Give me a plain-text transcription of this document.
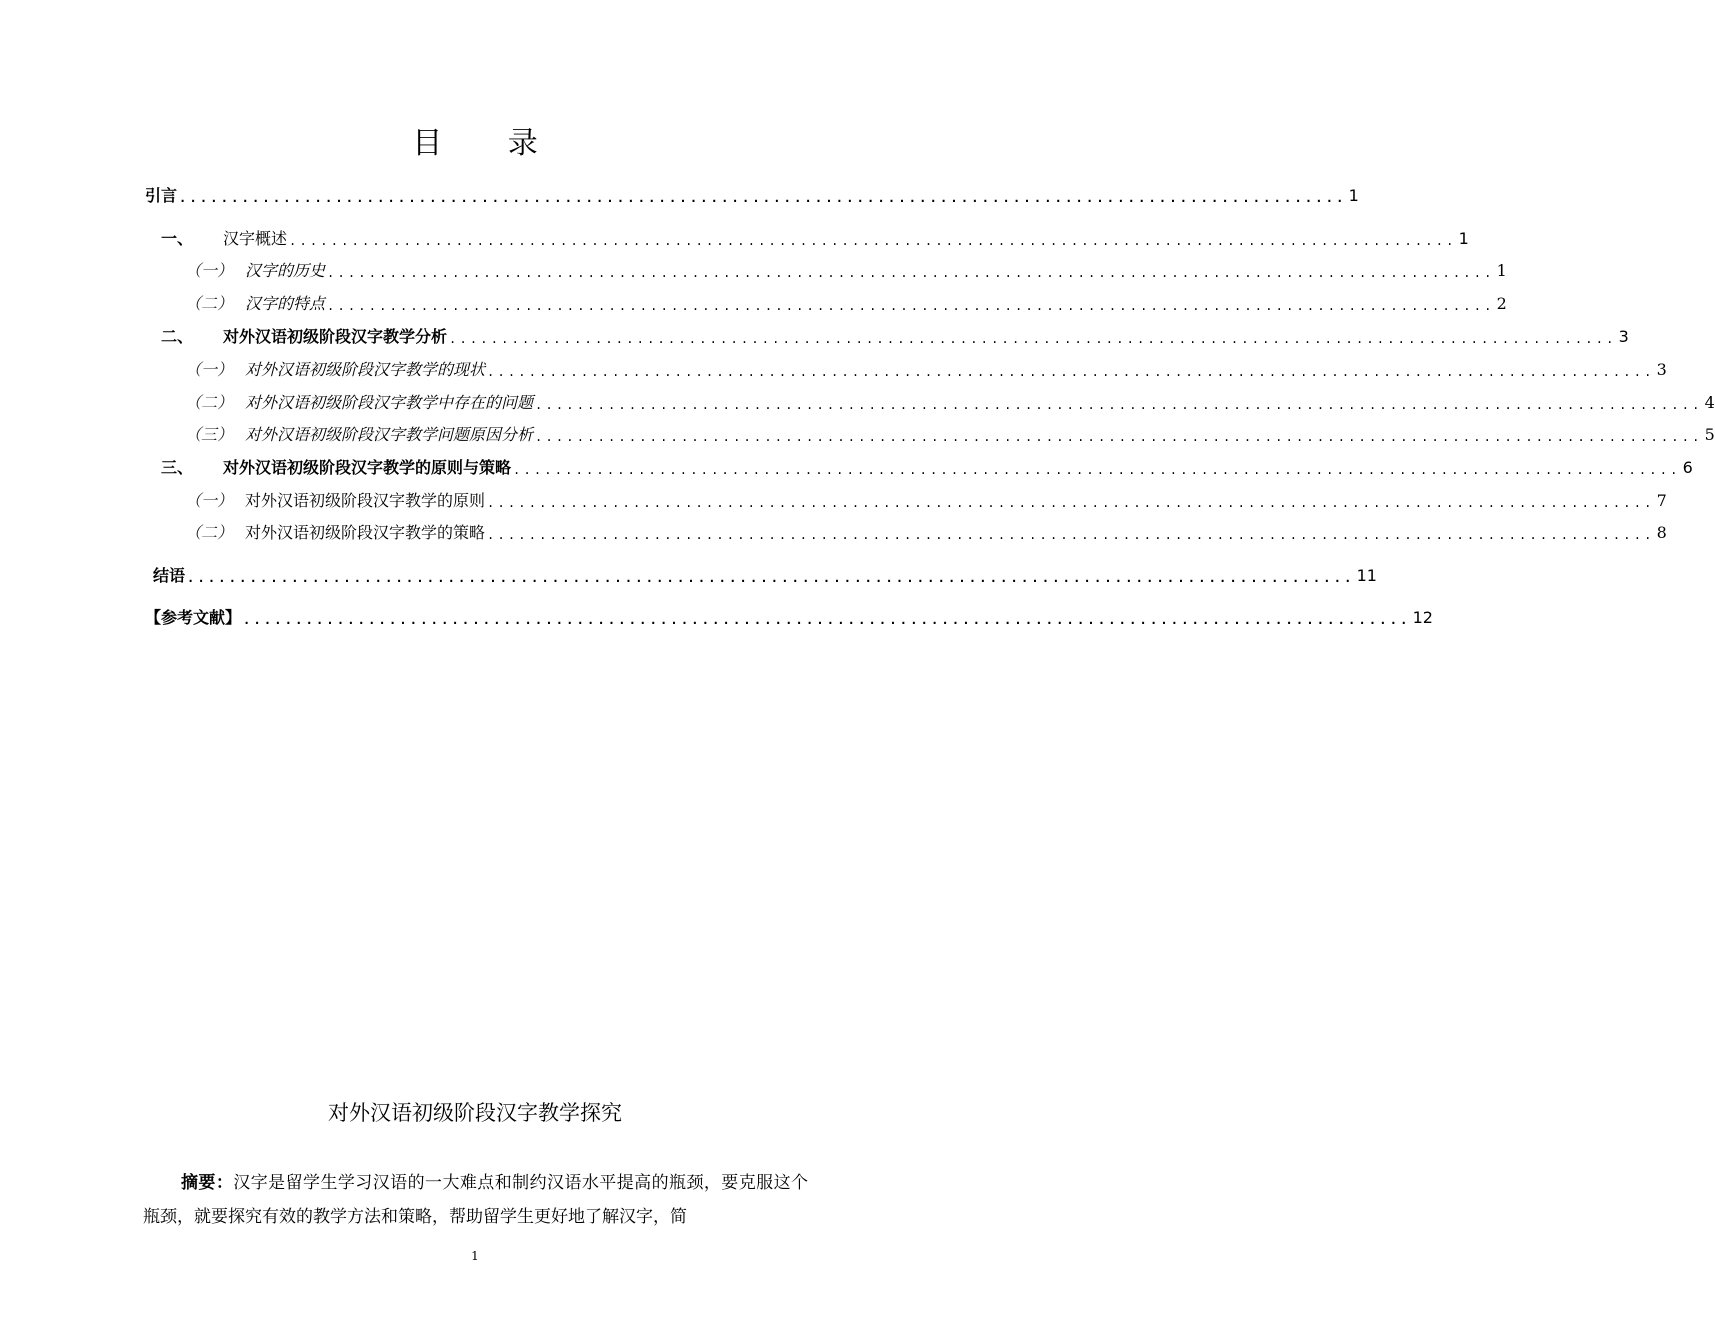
目 录
引言 ................................................................................................................ 1
一、	汉字概述 ................................................................................................................ 1
（一） 汉字的历史 ................................................................................................................ 1
（二） 汉字的特点 ................................................................................................................ 2
二、	对外汉语初级阶段汉字教学分析 ................................................................................................................ 3
（一） 对外汉语初级阶段汉字教学的现状 ................................................................................................................ 3
（二） 对外汉语初级阶段汉字教学中存在的问题 ................................................................................................................ 4
（三） 对外汉语初级阶段汉字教学问题原因分析 ................................................................................................................ 5
三、	对外汉语初级阶段汉字教学的原则与策略 ................................................................................................................ 6
（一） 对外汉语初级阶段汉字教学的原则 ................................................................................................................ 7
（二） 对外汉语初级阶段汉字教学的策略 ................................................................................................................ 8
结语 ................................................................................................................ 11
【参考文献】 ................................................................................................................ 12
对外汉语初级阶段汉字教学探究
摘要：汉字是留学生学习汉语的一大难点和制约汉语水平提高的瓶颈，要克服这个瓶颈，就要探究有效的教学方法和策略，帮助留学生更好地了解汉字，简
1
